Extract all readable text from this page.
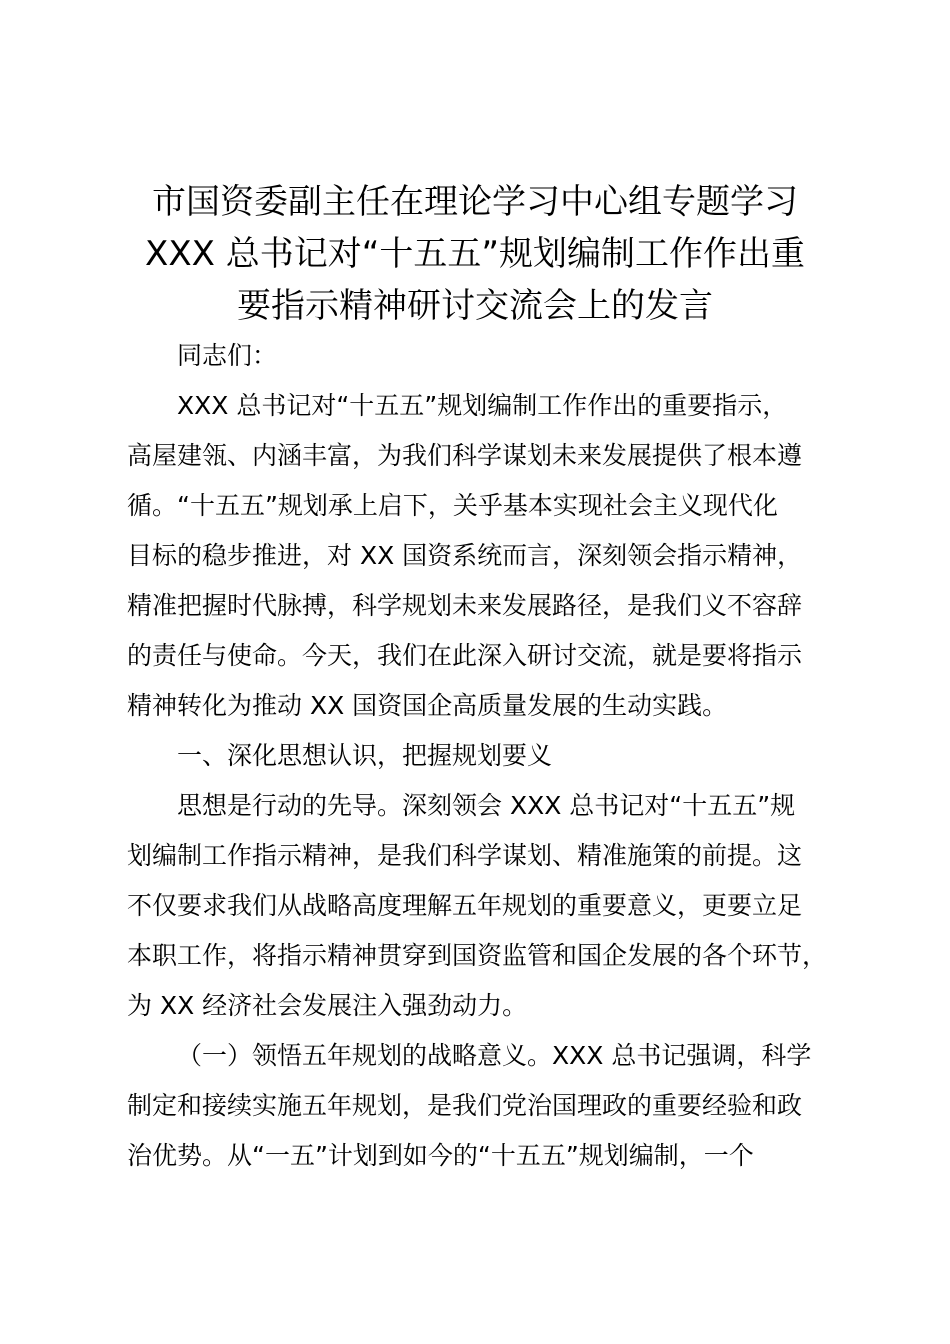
市国资委副主任在理论学习中心组专题学习
XXX 总书记对“十五五”规划编制工作作出重
要指示精神研讨交流会上的发言
同志们：
XXX 总书记对“十五五”规划编制工作作出的重要指示，
高屋建瓴、内涵丰富，为我们科学谋划未来发展提供了根本遵
循。“十五五”规划承上启下，关乎基本实现社会主义现代化
目标的稳步推进，对 XX 国资系统而言，深刻领会指示精神，
精准把握时代脉搏，科学规划未来发展路径，是我们义不容辞
的责任与使命。今天，我们在此深入研讨交流，就是要将指示
精神转化为推动 XX 国资国企高质量发展的生动实践。
一、深化思想认识，把握规划要义
思想是行动的先导。深刻领会 XXX 总书记对“十五五”规
划编制工作指示精神，是我们科学谋划、精准施策的前提。这
不仅要求我们从战略高度理解五年规划的重要意义，更要立足
本职工作，将指示精神贯穿到国资监管和国企发展的各个环节，
为 XX 经济社会发展注入强劲动力。
（一）领悟五年规划的战略意义。XXX 总书记强调，科学
制定和接续实施五年规划，是我们党治国理政的重要经验和政
治优势。从“一五”计划到如今的“十五五”规划编制，一个
